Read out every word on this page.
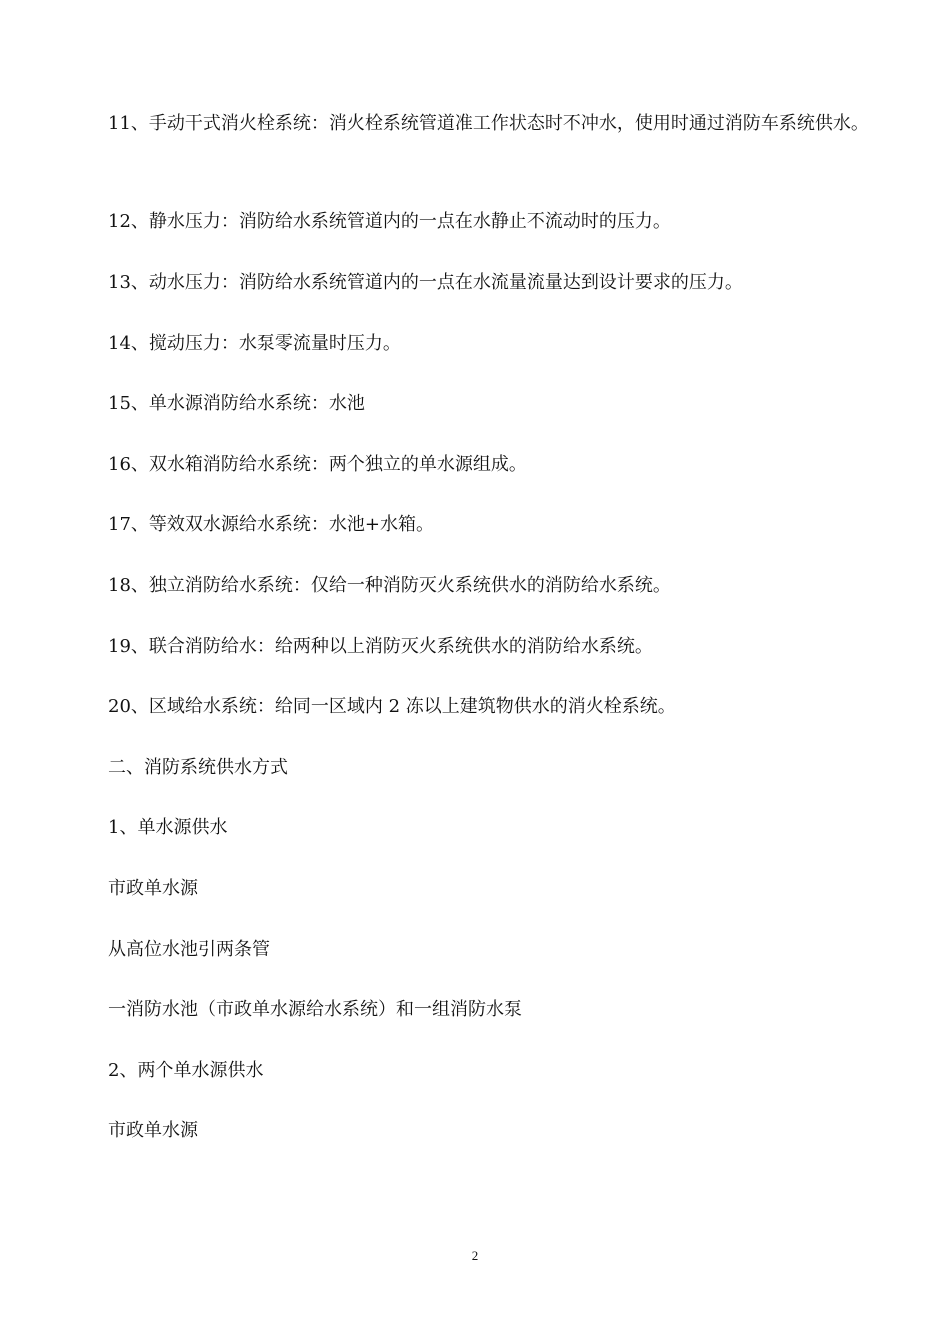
11、手动干式消火栓系统：消火栓系统管道准工作状态时不冲水，使用时通过消防车系统供水。
12、静水压力：消防给水系统管道内的一点在水静止不流动时的压力。
13、动水压力：消防给水系统管道内的一点在水流量流量达到设计要求的压力。
14、搅动压力：水泵零流量时压力。
15、单水源消防给水系统：水池
16、双水箱消防给水系统：两个独立的单水源组成。
17、等效双水源给水系统：水池+水箱。
18、独立消防给水系统：仅给一种消防灭火系统供水的消防给水系统。
19、联合消防给水：给两种以上消防灭火系统供水的消防给水系统。
20、区域给水系统：给同一区域内 2 冻以上建筑物供水的消火栓系统。
二、消防系统供水方式
1、单水源供水
市政单水源
从高位水池引两条管
一消防水池（市政单水源给水系统）和一组消防水泵
2、两个单水源供水
市政单水源
2
